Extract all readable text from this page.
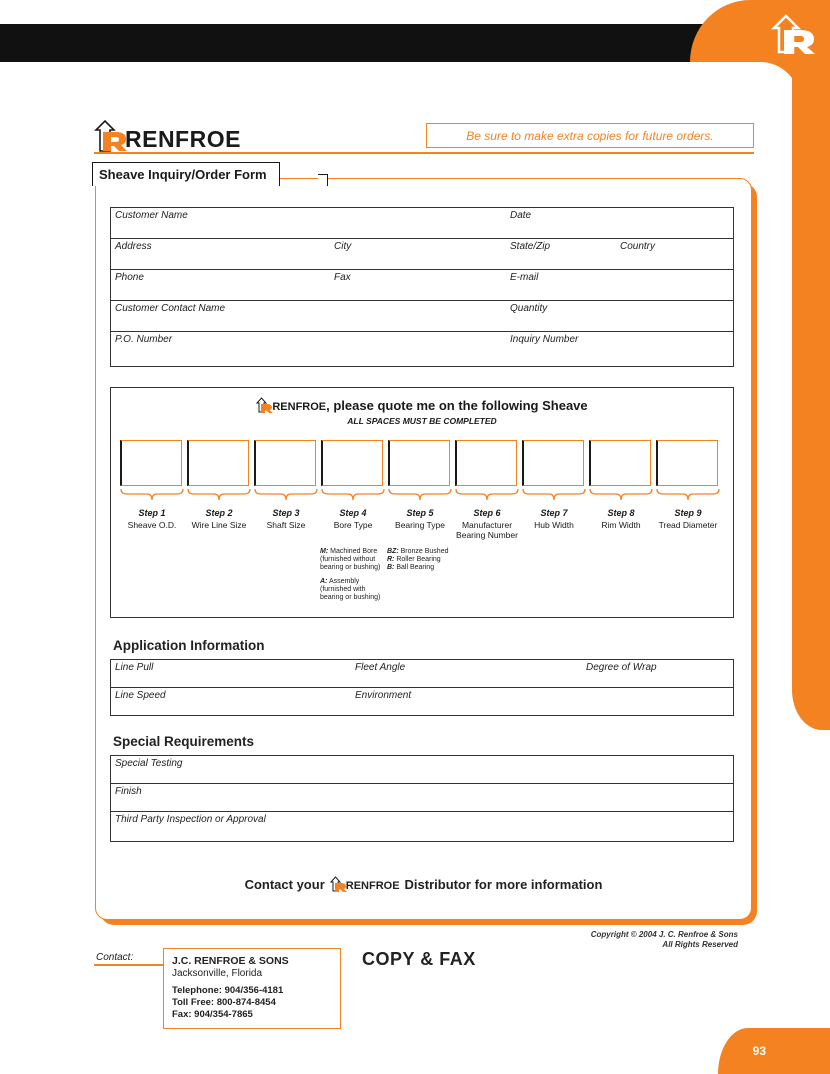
RENFROE	Be sure to make extra copies for future orders.
Sheave Inquiry/Order Form
Customer Name	Date
Address	City	State/Zip	Country
Phone	Fax	E-mail
Customer Contact Name	Quantity
P.O. Number	Inquiry Number
RENFROE , please quote me on the following Sheave
ALL SPACES MUST BE COMPLETED
Step 1
Sheave O.D.
Step 2
Wire Line Size
Step 3
Shaft Size
Step 4
Bore Type
Step 5
Bearing Type
Step 6
Manufacturer Bearing Number
Step 7
Hub Width
Step 8
Rim Width
Step 9
Tread Diameter
M: Machined Bore (furnished without bearing or bushing)
A: Assembly (furnished with bearing or bushing)
BZ: Bronze Bushed
R: Roller Bearing
B: Ball Bearing
Application Information
Line Pull	Fleet Angle	Degree of Wrap
Line Speed	Environment
Special Requirements
Special Testing
Finish
Third Party Inspection or Approval
Contact your RENFROE Distributor for more information
Copyright © 2004 J. C. Renfroe & Sons
All Rights Reserved
Contact:	J.C. RENFROE & SONS
Jacksonville, Florida
Telephone: 904/356-4181
Toll Free: 800-874-8454
Fax: 904/354-7865
COPY & FAX
93
